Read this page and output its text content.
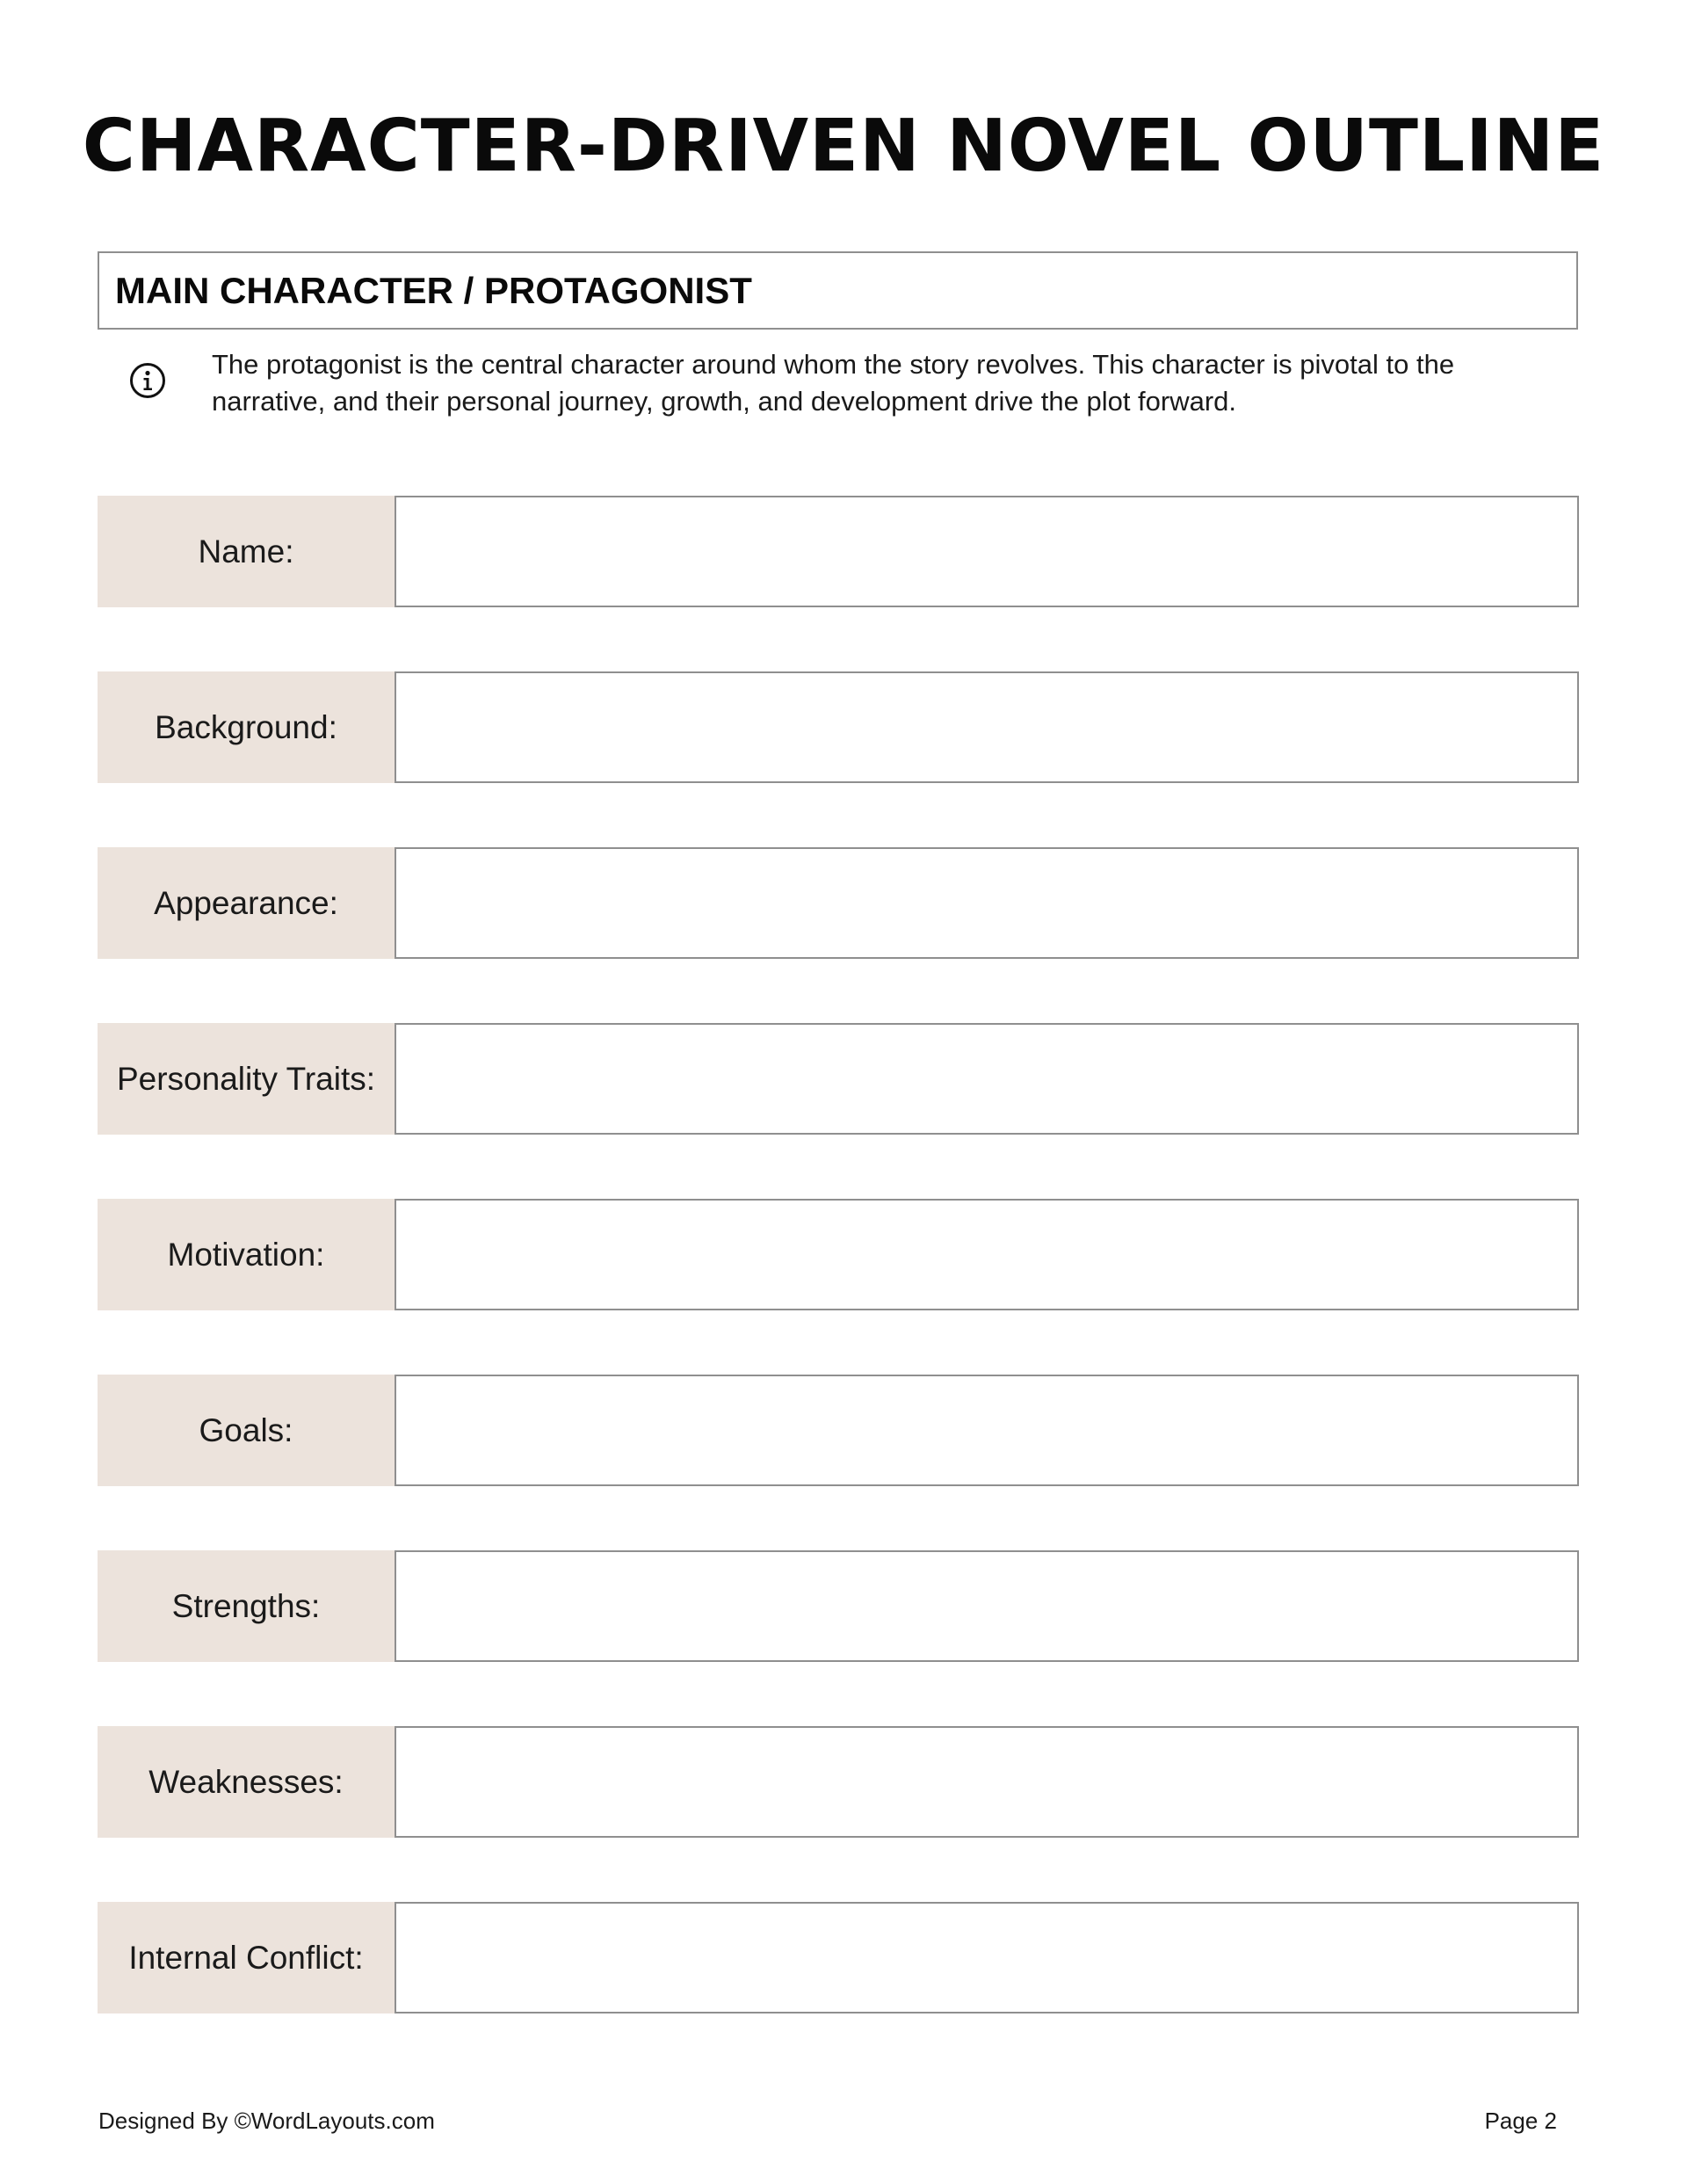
CHARACTER-DRIVEN NOVEL OUTLINE
MAIN CHARACTER / PROTAGONIST
The protagonist is the central character around whom the story revolves. This character is pivotal to the narrative, and their personal journey, growth, and development drive the plot forward.
Name:
Background:
Appearance:
Personality Traits:
Motivation:
Goals:
Strengths:
Weaknesses:
Internal Conflict:
Designed By ©WordLayouts.com	Page 2
